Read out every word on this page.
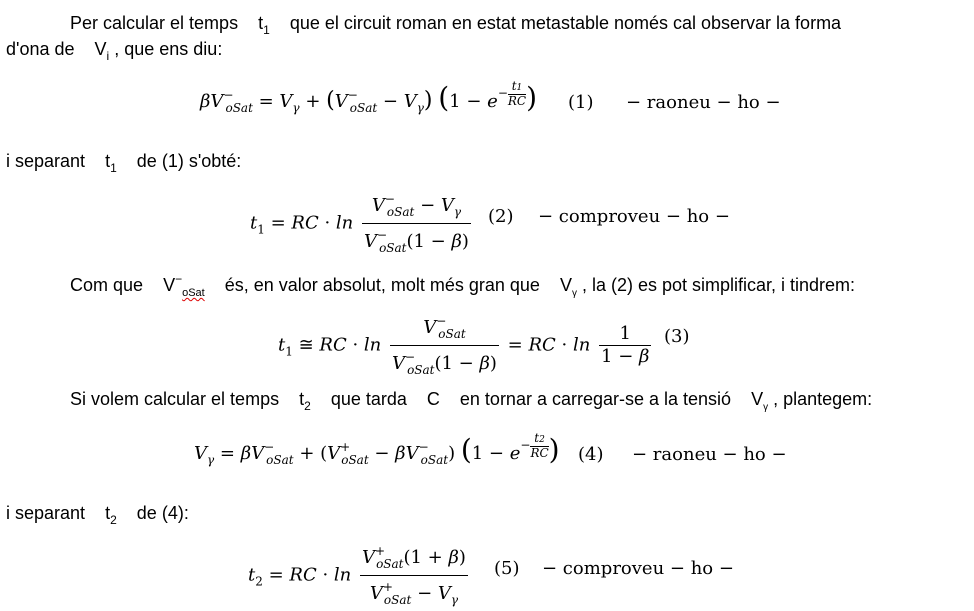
Per calcular el temps $t_1$ que el circuit roman en estat metastable només cal observar la forma
d'ona de $V_i$ , que ens diu:
$\beta V^-_{oSat} = V_\gamma + (V^-_{oSat} - V_\gamma) (1 - e^{- \frac{t1}{RC}}$ ) (1) − raoneu − ho −
i separant $t_1$ de (1) s'obté:
$t_1$ = RC · $\ln \frac{V^-_{oSat} - V_\gamma}{V^-_{oSat}(1 - \beta)} (2)$ − comproveu − ho −
Com que $V^-_{oSat}$ és, en valor absolut, molt més gran que $V_\gamma$ , la (2) es pot simplificar, i tindrem:
$t_1$ ≅ RC · $\ln \frac{V^-_{oSat}}{V^-_{oSat}(1 - \beta)}$ = RC · $\ln \frac{1}{1 - \beta} (3)$
Si volem calcular el temps $t_2$ que tarda C en tornar a carregar-se a la tensió $V_\gamma$ , plantegem:
$V_\gamma = \beta V^-_{oSat} + (V^+_{oSat} - \beta V^-_{oSat}) (1 - e^{- \frac{t2}{RC}}$ ) (4) − raoneu − ho −
i separant $t_2$ de (4):
$t_2$ = RC · $\ln \frac{V^+_{oSat}(1 + \beta)}{V^+_{oSat} - V_\gamma} (5)$ − comproveu − ho −
